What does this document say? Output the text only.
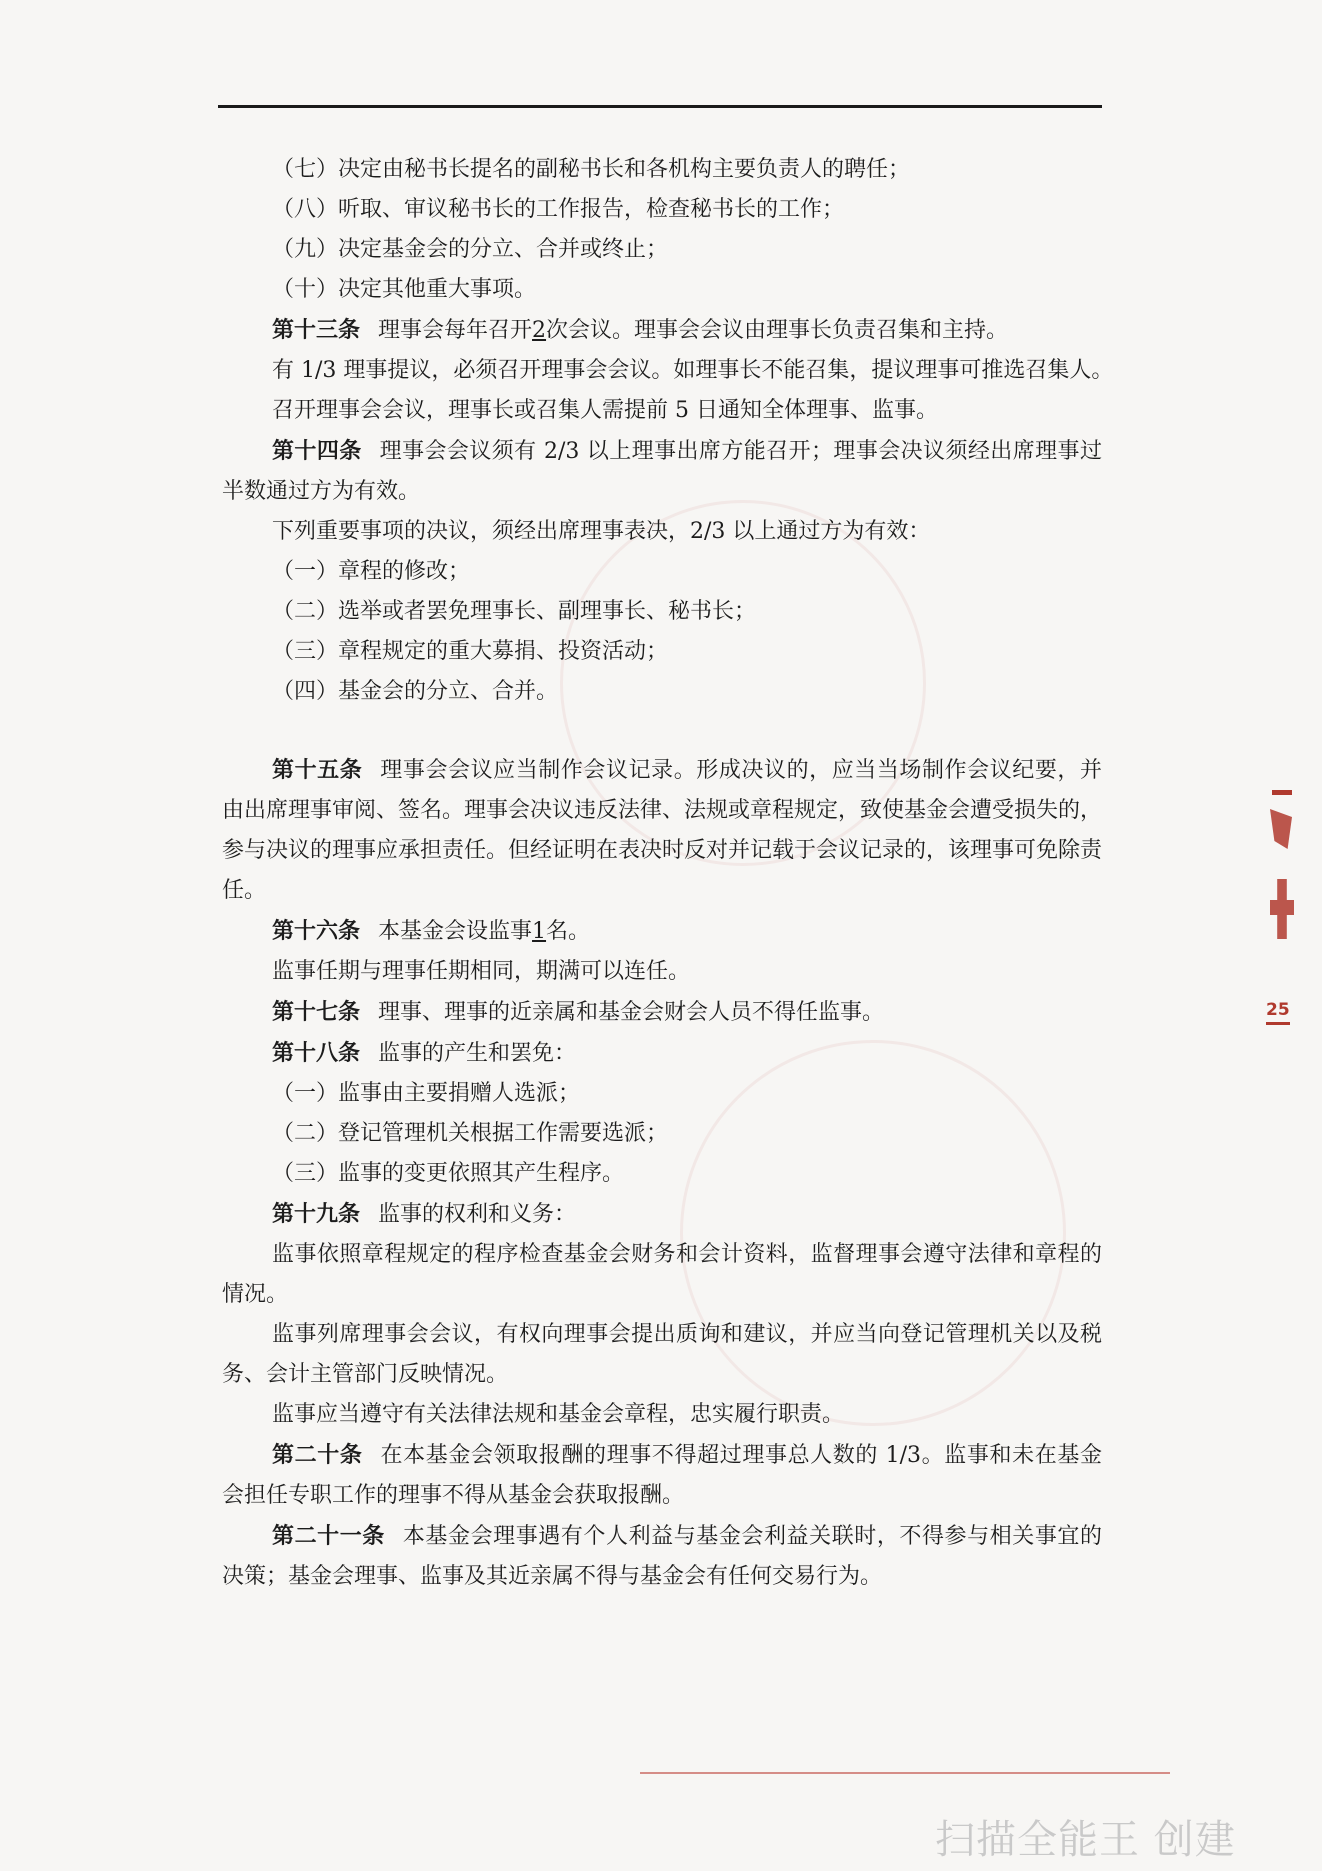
（七）决定由秘书长提名的副秘书长和各机构主要负责人的聘任；

（八）听取、审议秘书长的工作报告，检查秘书长的工作；

（九）决定基金会的分立、合并或终止；

（十）决定其他重大事项。

第十三条 理事会每年召开2次会议。理事会会议由理事长负责召集和主持。

有 1/3 理事提议，必须召开理事会会议。如理事长不能召集，提议理事可推选召集人。

召开理事会会议，理事长或召集人需提前 5 日通知全体理事、监事。

第十四条 理事会会议须有 2/3 以上理事出席方能召开；理事会决议须经出席理事过半数通过方为有效。

下列重要事项的决议，须经出席理事表决，2/3 以上通过方为有效：

（一）章程的修改；

（二）选举或者罢免理事长、副理事长、秘书长；

（三）章程规定的重大募捐、投资活动；

（四）基金会的分立、合并。

第十五条 理事会会议应当制作会议记录。形成决议的，应当当场制作会议纪要，并由出席理事审阅、签名。理事会决议违反法律、法规或章程规定，致使基金会遭受损失的，参与决议的理事应承担责任。但经证明在表决时反对并记载于会议记录的，该理事可免除责任。

第十六条 本基金会设监事1名。

监事任期与理事任期相同，期满可以连任。

第十七条 理事、理事的近亲属和基金会财会人员不得任监事。

第十八条 监事的产生和罢免：

（一）监事由主要捐赠人选派；

（二）登记管理机关根据工作需要选派；

（三）监事的变更依照其产生程序。

第十九条 监事的权利和义务：

监事依照章程规定的程序检查基金会财务和会计资料，监督理事会遵守法律和章程的情况。

监事列席理事会会议，有权向理事会提出质询和建议，并应当向登记管理机关以及税务、会计主管部门反映情况。

监事应当遵守有关法律法规和基金会章程，忠实履行职责。

第二十条 在本基金会领取报酬的理事不得超过理事总人数的 1/3。监事和未在基金会担任专职工作的理事不得从基金会获取报酬。

第二十一条 本基金会理事遇有个人利益与基金会利益关联时，不得参与相关事宜的决策；基金会理事、监事及其近亲属不得与基金会有任何交易行为。

25
扫描全能王 创建
